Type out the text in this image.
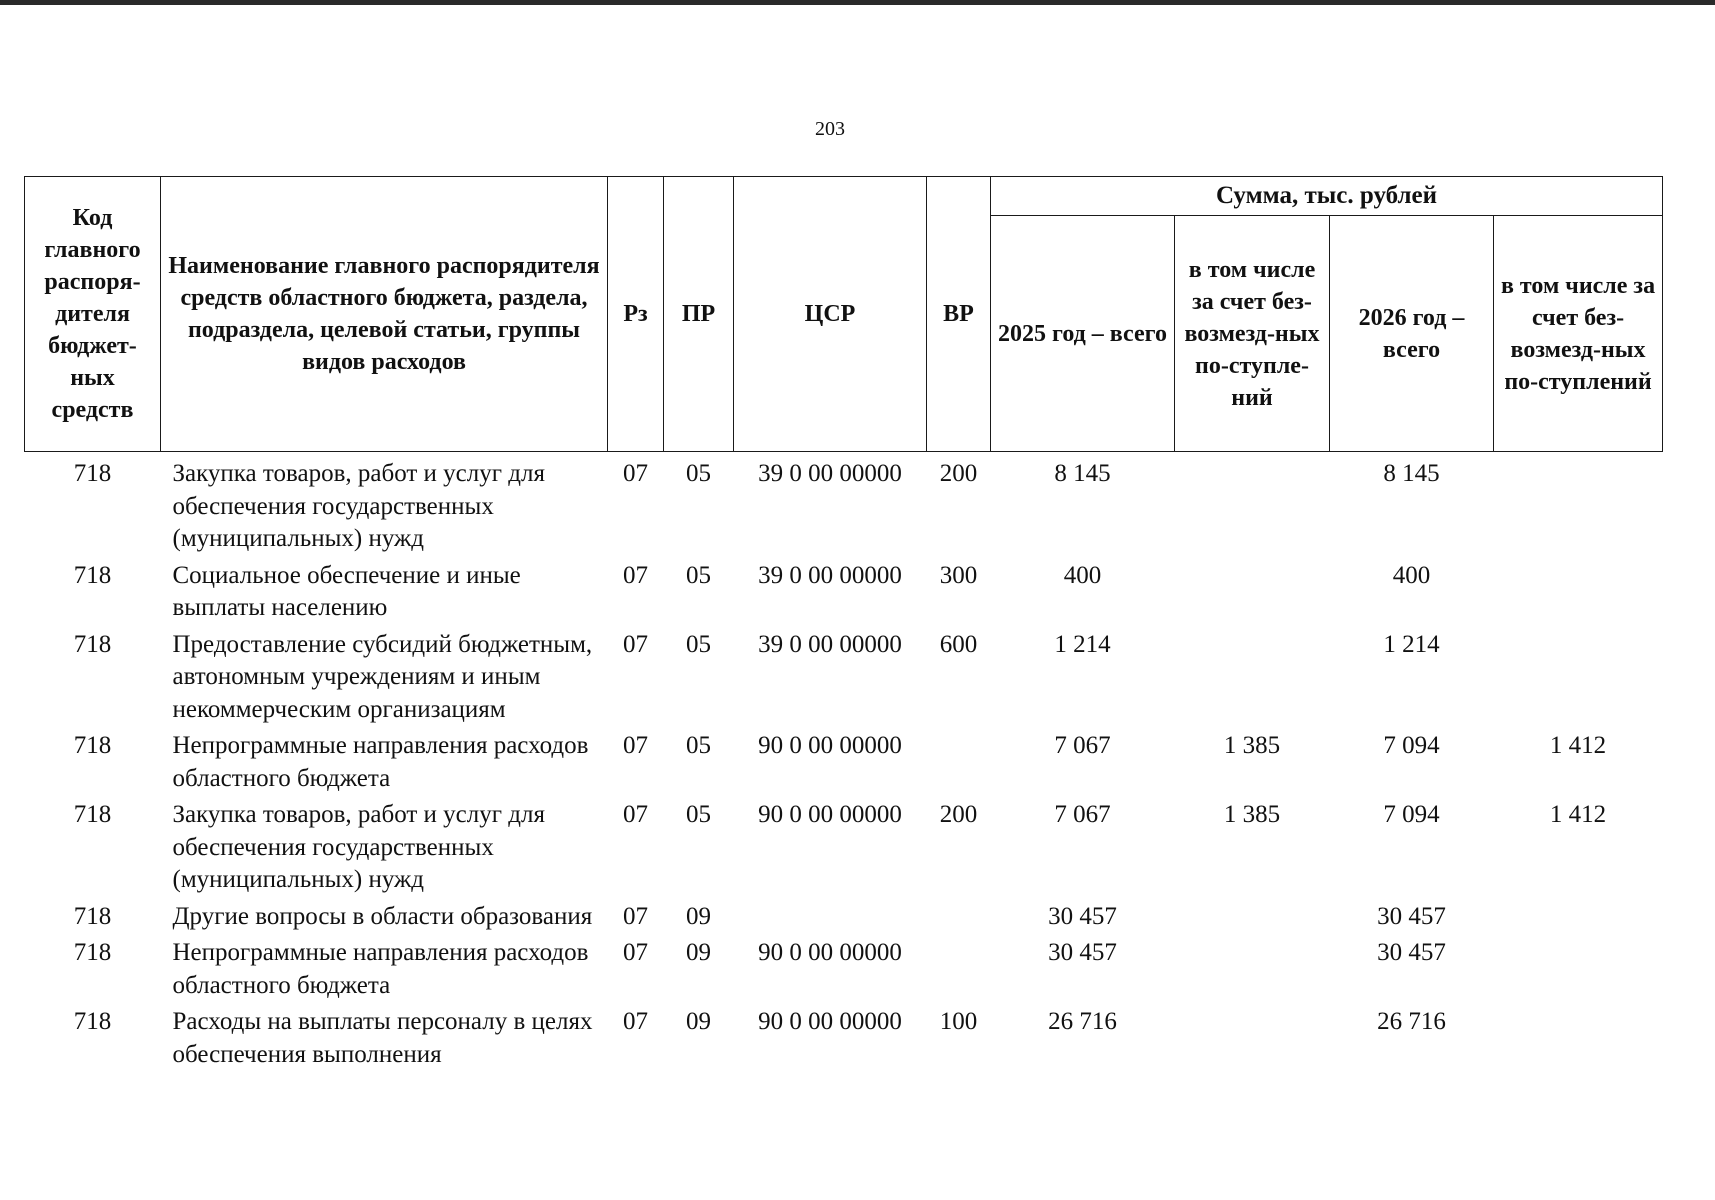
203
Код главного распоря-дителя бюджет-ных средств	Наименование главного распорядителя средств областного бюджета, раздела, подраздела, целевой статьи, группы видов расходов	Рз	ПР	ЦСР	ВР	Сумма, тыс. рублей			
						2025 год – всего	в том числе за счет без-возмезд-ных по-ступле-ний	2026 год – всего	в том числе за счет без-возмезд-ных по-ступлений
718	Закупка товаров, работ и услуг для обеспечения государственных (муниципальных) нужд	07	05	39 0 00 00000	200	8 145		8 145	
718	Социальное обеспечение и иные выплаты населению	07	05	39 0 00 00000	300	400		400	
718	Предоставление субсидий бюджетным, автономным учреждениям и иным некоммерческим организациям	07	05	39 0 00 00000	600	1 214		1 214	
718	Непрограммные направления расходов областного бюджета	07	05	90 0 00 00000		7 067	1 385	7 094	1 412
718	Закупка товаров, работ и услуг для обеспечения государственных (муниципальных) нужд	07	05	90 0 00 00000	200	7 067	1 385	7 094	1 412
718	Другие вопросы в области образования	07	09			30 457		30 457	
718	Непрограммные направления расходов областного бюджета	07	09	90 0 00 00000		30 457		30 457	
718	Расходы на выплаты персоналу в целях обеспечения выполнения	07	09	90 0 00 00000	100	26 716		26 716	
